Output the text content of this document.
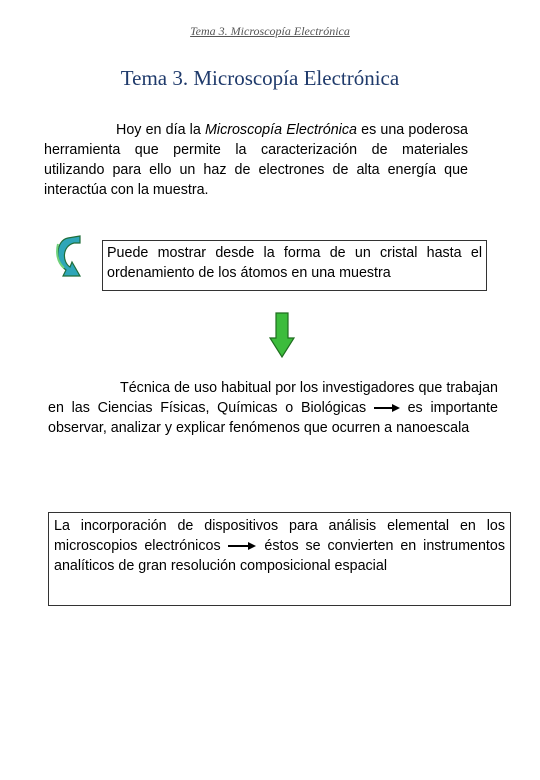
Tema 3. Microscopía Electrónica
Tema 3. Microscopía Electrónica
Hoy en día la Microscopía Electrónica es una poderosa herramienta que permite la caracterización de materiales utilizando para ello un haz de electrones de alta energía que interactúa con la muestra.
Puede mostrar desde la forma de un cristal hasta el ordenamiento de los átomos en una muestra
Técnica de uso habitual por los investigadores que trabajan en las Ciencias Físicas, Químicas o Biológicas	es importante observar, analizar y explicar fenómenos que ocurren a nanoescala
La incorporación de dispositivos para análisis elemental en los microscopios electrónicos	éstos se convierten en instrumentos analíticos de gran resolución composicional espacial
